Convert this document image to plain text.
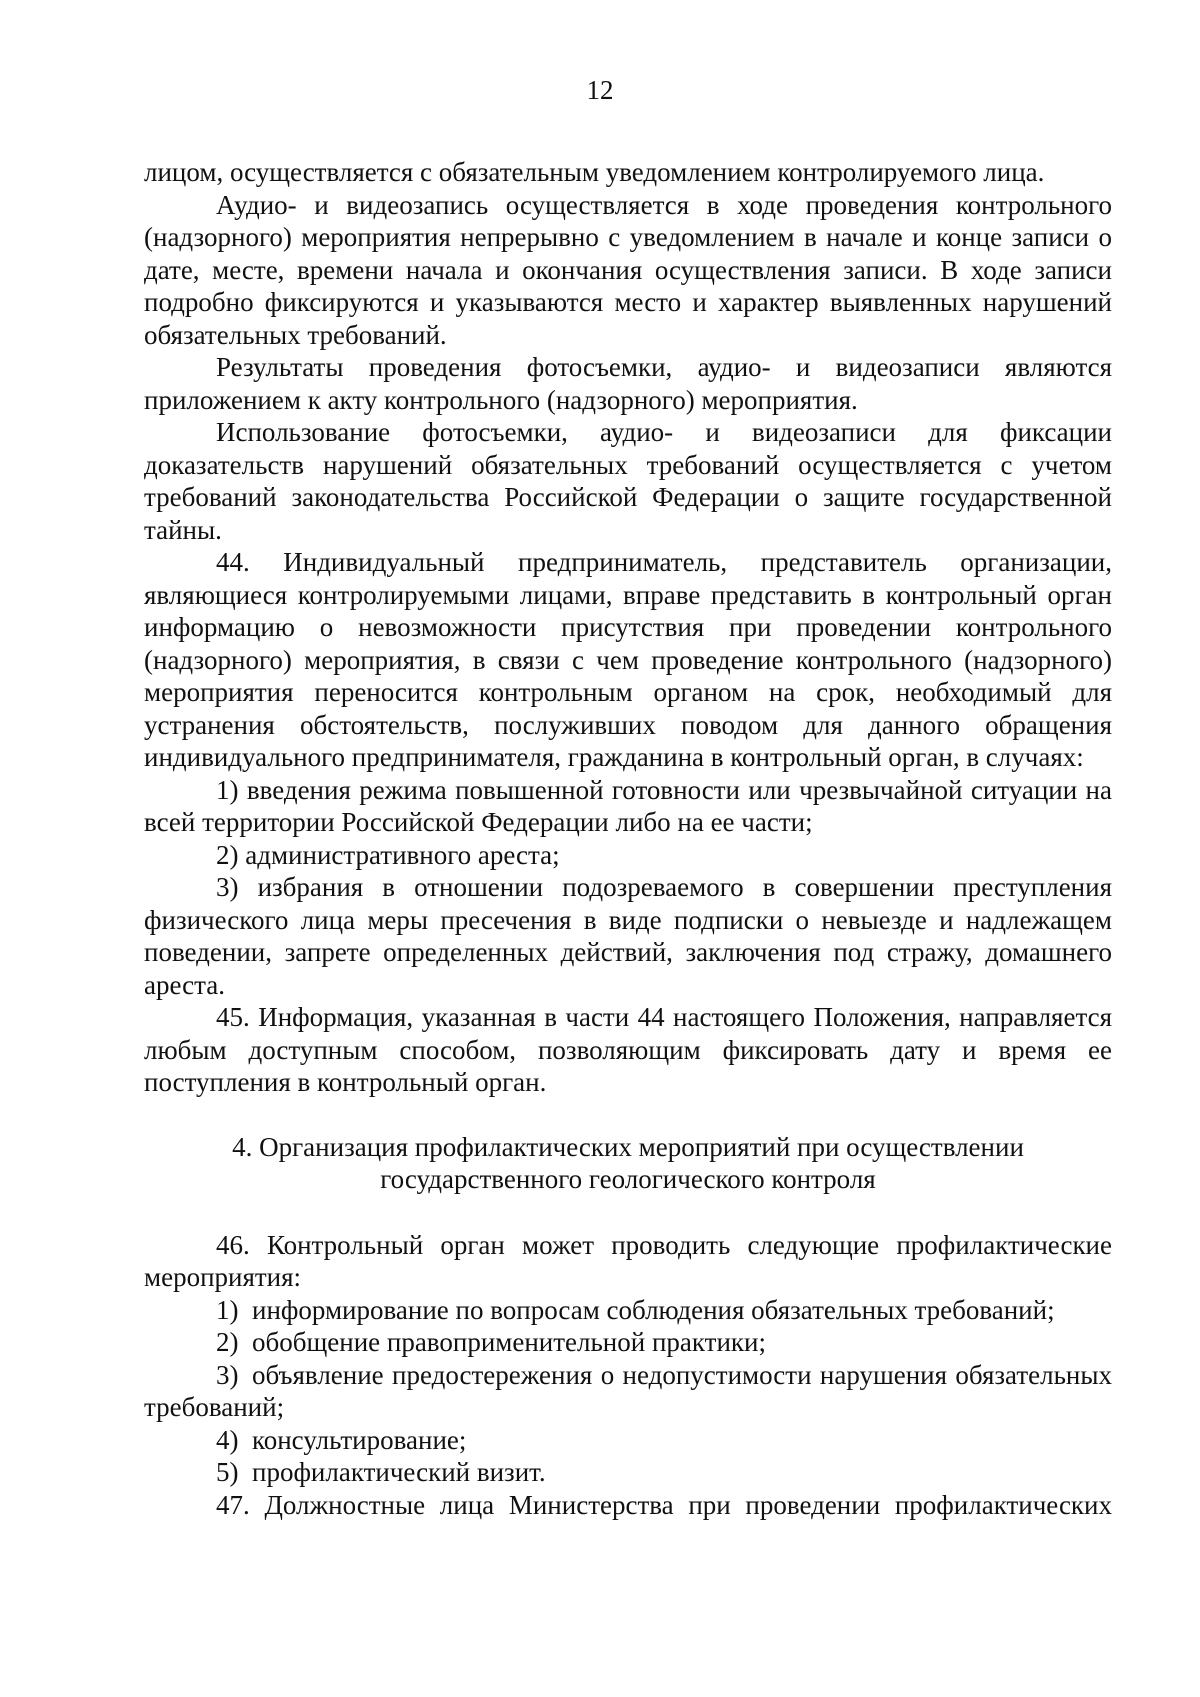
12

лицом, осуществляется с обязательным уведомлением контролируемого лица.

Аудио- и видеозапись осуществляется в ходе проведения контрольного (надзорного) мероприятия непрерывно с уведомлением в начале и конце записи о дате, месте, времени начала и окончания осуществления записи. В ходе записи подробно фиксируются и указываются место и характер выявленных нарушений обязательных требований.

Результаты проведения фотосъемки, аудио- и видеозаписи являются приложением к акту контрольного (надзорного) мероприятия.

Использование фотосъемки, аудио- и видеозаписи для фиксации доказательств нарушений обязательных требований осуществляется с учетом требований законодательства Российской Федерации о защите государственной тайны.

44. Индивидуальный предприниматель, представитель организации, являющиеся контролируемыми лицами, вправе представить в контрольный орган информацию о невозможности присутствия при проведении контрольного (надзорного) мероприятия, в связи с чем проведение контрольного (надзорного) мероприятия переносится контрольным органом на срок, необходимый для устранения обстоятельств, послуживших поводом для данного обращения индивидуального предпринимателя, гражданина в контрольный орган, в случаях:

1) введения режима повышенной готовности или чрезвычайной ситуации на всей территории Российской Федерации либо на ее части;

2) административного ареста;

3) избрания в отношении подозреваемого в совершении преступления физического лица меры пресечения в виде подписки о невыезде и надлежащем поведении, запрете определенных действий, заключения под стражу, домашнего ареста.

45. Информация, указанная в части 44 настоящего Положения, направляется любым доступным способом, позволяющим фиксировать дату и время ее поступления в контрольный орган.

4. Организация профилактических мероприятий при осуществлении
государственного геологического контроля

46. Контрольный орган может проводить следующие профилактические мероприятия:

1) информирование по вопросам соблюдения обязательных требований;

2) обобщение правоприменительной практики;

3) объявление предостережения о недопустимости нарушения обязательных требований;

4) консультирование;

5) профилактический визит.

47. Должностные лица Министерства при проведении профилактических
